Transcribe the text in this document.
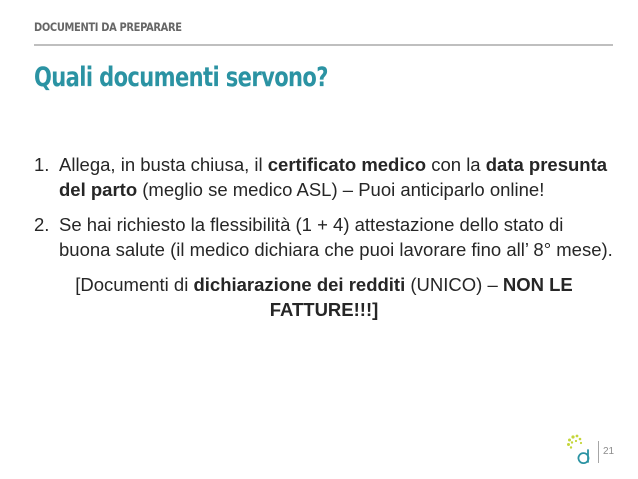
DOCUMENTI DA PREPARARE
Quali documenti servono?
1. Allega, in busta chiusa, il certificato medico con la data presunta del parto (meglio se medico ASL) – Puoi anticiparlo online!
2. Se hai richiesto la flessibilità (1 + 4) attestazione dello stato di buona salute (il medico dichiara che puoi lavorare fino all’ 8° mese).
[Documenti di dichiarazione dei redditi (UNICO) – NON LE
FATTURE!!!]
21
